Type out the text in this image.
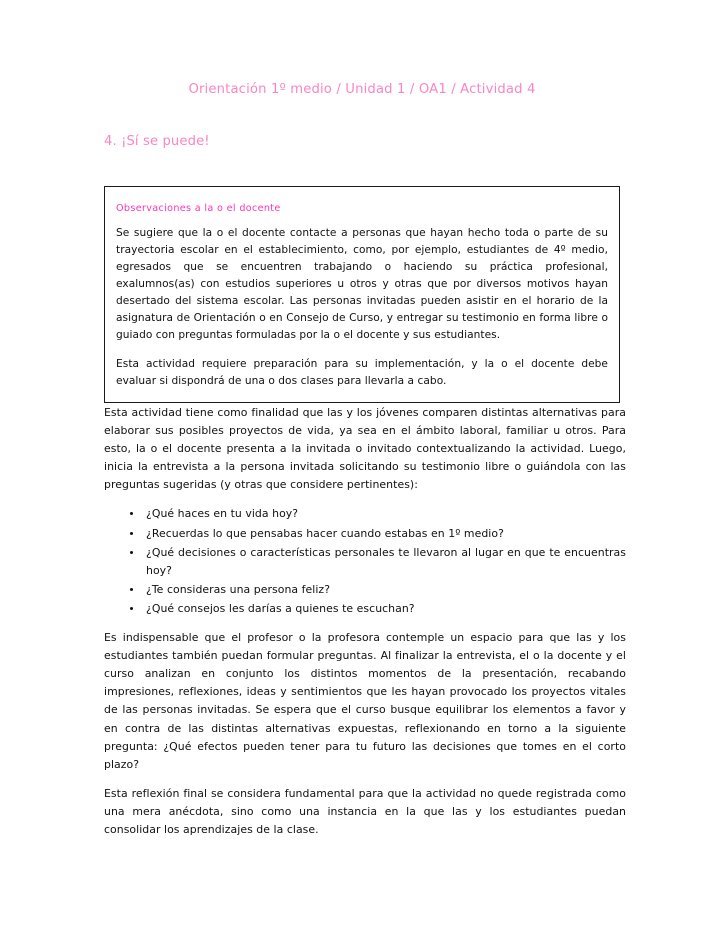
Orientación 1º medio / Unidad 1 / OA1 / Actividad 4
4. ¡Sí se puede!

Observaciones a la o el docente

Se sugiere que la o el docente contacte a personas que hayan hecho toda o parte de su trayectoria escolar en el establecimiento, como, por ejemplo, estudiantes de 4º medio, egresados que se encuentren trabajando o haciendo su práctica profesional, exalumnos(as) con estudios superiores u otros y otras que por diversos motivos hayan desertado del sistema escolar. Las personas invitadas pueden asistir en el horario de la asignatura de Orientación o en Consejo de Curso, y entregar su testimonio en forma libre o guiado con preguntas formuladas por la o el docente y sus estudiantes.

Esta actividad requiere preparación para su implementación, y la o el docente debe evaluar si dispondrá de una o dos clases para llevarla a cabo.

Esta actividad tiene como finalidad que las y los jóvenes comparen distintas alternativas para elaborar sus posibles proyectos de vida, ya sea en el ámbito laboral, familiar u otros. Para esto, la o el docente presenta a la invitada o invitado contextualizando la actividad. Luego, inicia la entrevista a la persona invitada solicitando su testimonio libre o guiándola con las preguntas sugeridas (y otras que considere pertinentes):

¿Qué haces en tu vida hoy?
¿Recuerdas lo que pensabas hacer cuando estabas en 1º medio?
¿Qué decisiones o características personales te llevaron al lugar en que te encuentras hoy?
¿Te consideras una persona feliz?
¿Qué consejos les darías a quienes te escuchan?

Es indispensable que el profesor o la profesora contemple un espacio para que las y los estudiantes también puedan formular preguntas. Al finalizar la entrevista, el o la docente y el curso analizan en conjunto los distintos momentos de la presentación, recabando impresiones, reflexiones, ideas y sentimientos que les hayan provocado los proyectos vitales de las personas invitadas. Se espera que el curso busque equilibrar los elementos a favor y en contra de las distintas alternativas expuestas, reflexionando en torno a la siguiente pregunta: ¿Qué efectos pueden tener para tu futuro las decisiones que tomes en el corto plazo?

Esta reflexión final se considera fundamental para que la actividad no quede registrada como una mera anécdota, sino como una instancia en la que las y los estudiantes puedan consolidar los aprendizajes de la clase.
